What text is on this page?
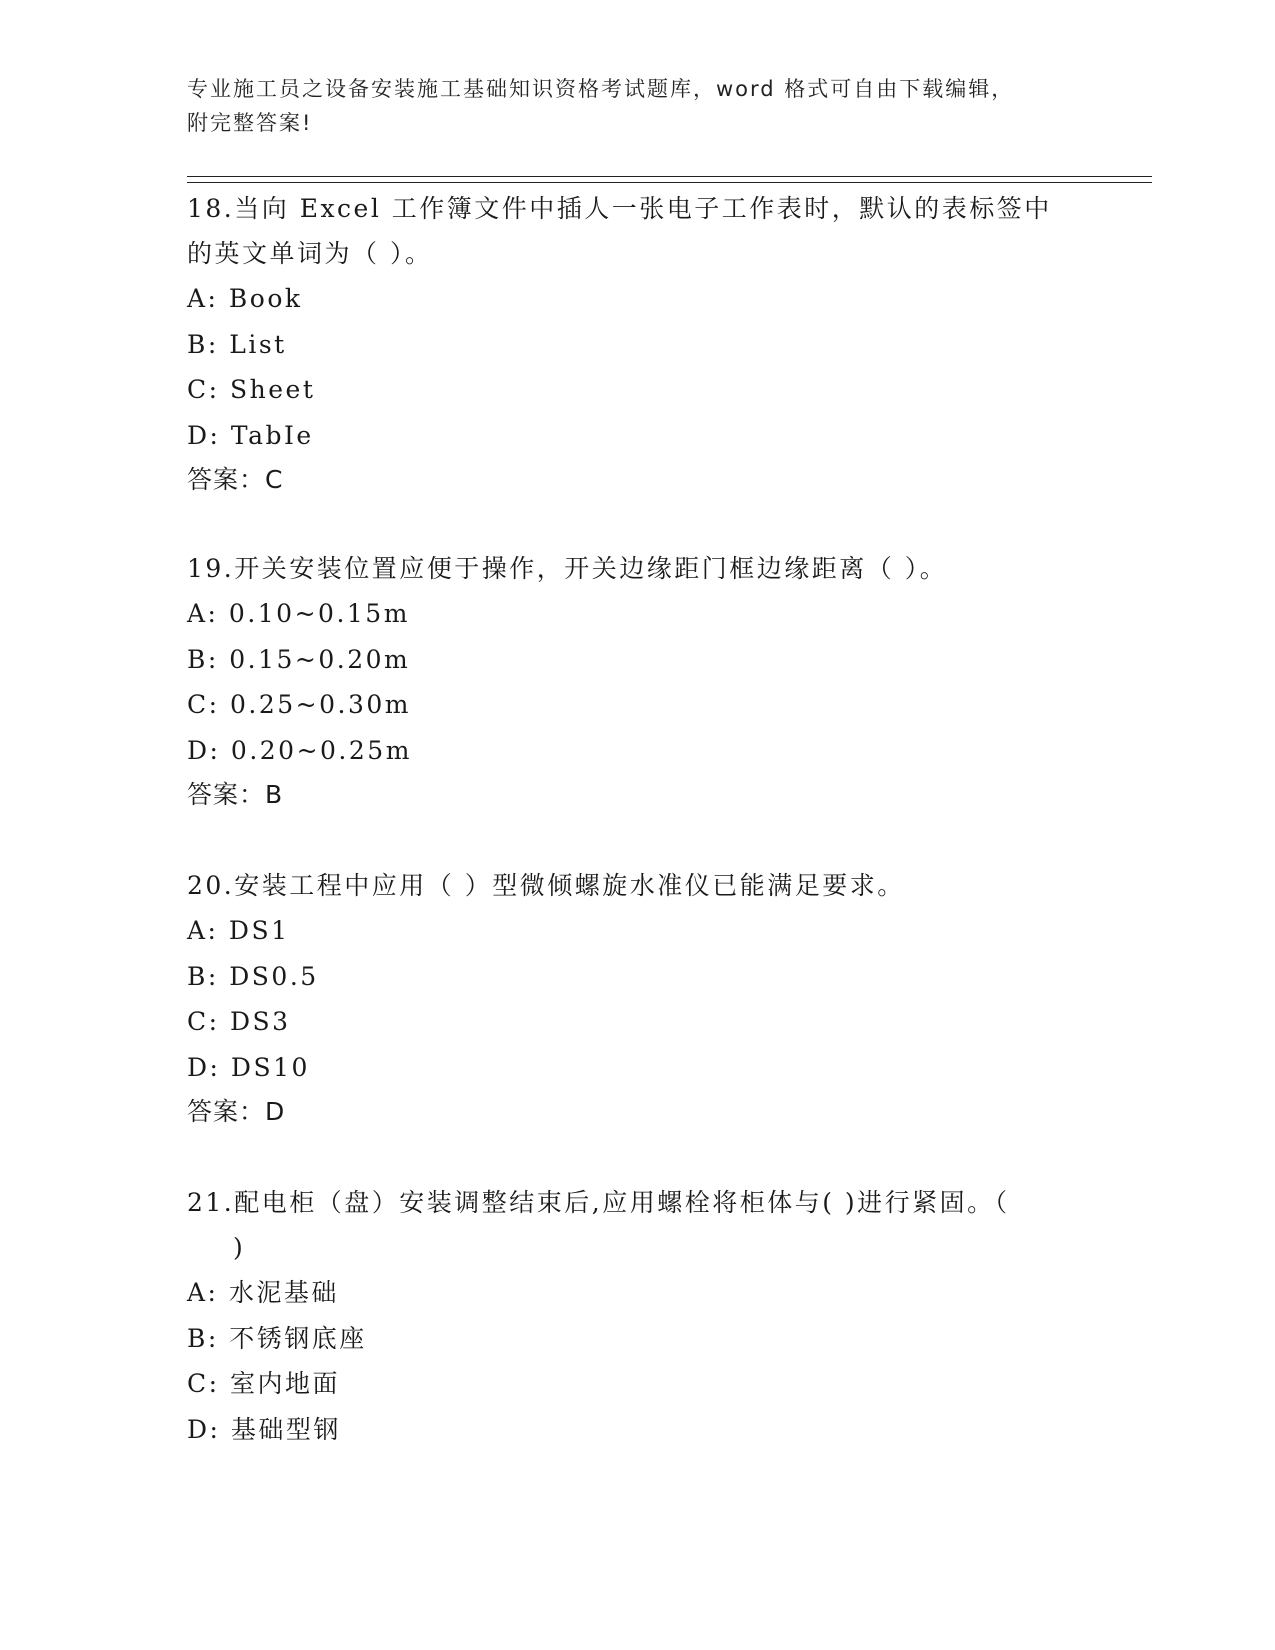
专业施工员之设备安装施工基础知识资格考试题库，word 格式可自由下载编辑，
附完整答案!
18.当向 Excel 工作簿文件中插人一张电子工作表时，默认的表标签中
的英文单词为（ ）。
A: Book
B: List
C: Sheet
D: TabIe
答案：C
19.开关安装位置应便于操作，开关边缘距门框边缘距离（ ）。
A: 0.10~0.15m
B: 0.15~0.20m
C: 0.25~0.30m
D: 0.20~0.25m
答案：B
20.安装工程中应用（ ）型微倾螺旋水准仪已能满足要求。
A: DS1
B: DS0.5
C: DS3
D: DS10
答案：D
21.配电柜（盘）安装调整结束后,应用螺栓将柜体与( )进行紧固。（
)
A: 水泥基础
B: 不锈钢底座
C: 室内地面
D: 基础型钢
